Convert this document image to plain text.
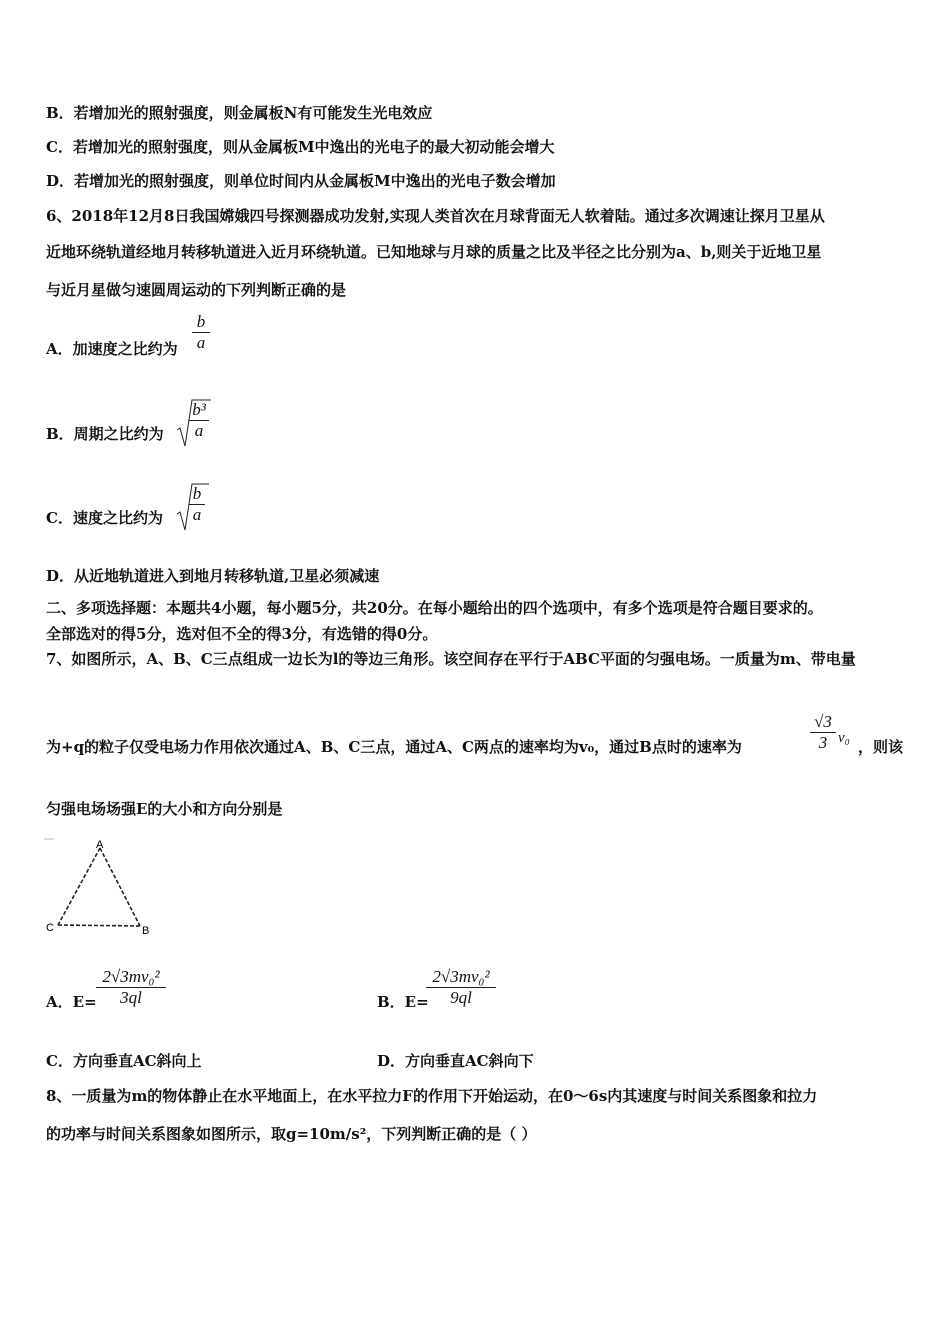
B．若增加光的照射强度，则金属板N有可能发生光电效应
C．若增加光的照射强度，则从金属板M中逸出的光电子的最大初动能会增大
D．若增加光的照射强度，则单位时间内从金属板M中逸出的光电子数会增加
6、2018年12月8日我国嫦娥四号探测器成功发射,实现人类首次在月球背面无人软着陆。通过多次调速让探月卫星从
近地环绕轨道经地月转移轨道进入近月环绕轨道。已知地球与月球的质量之比及半径之比分别为a、b,则关于近地卫星
与近月星做匀速圆周运动的下列判断正确的是
A．加速度之比约为
b
a
B．周期之比约为
b³
a
C．速度之比约为
b
a
D．从近地轨道进入到地月转移轨道,卫星必须减速
二、多项选择题：本题共4小题，每小题5分，共20分。在每小题给出的四个选项中，有多个选项是符合题目要求的。
全部选对的得5分，选对但不全的得3分，有选错的得0分。
7、如图所示，A、B、C三点组成一边长为l的等边三角形。该空间存在平行于ABC平面的匀强电场。一质量为m、带电量
为+q的粒子仅受电场力作用依次通过A、B、C三点，通过A、C两点的速率均为v₀，通过B点时的速率为
√3
3 v₀ ，则该
匀强电场场强E的大小和方向分别是
A
C	B
A．E=
2√3mv₀²
3ql	B．E=
2√3mv₀²
9ql
C．方向垂直AC斜向上	D．方向垂直AC斜向下
8、一质量为m的物体静止在水平地面上，在水平拉力F的作用下开始运动，在0～6s内其速度与时间关系图象和拉力
的功率与时间关系图象如图所示，取g=10m/s²，下列判断正确的是（ ）
